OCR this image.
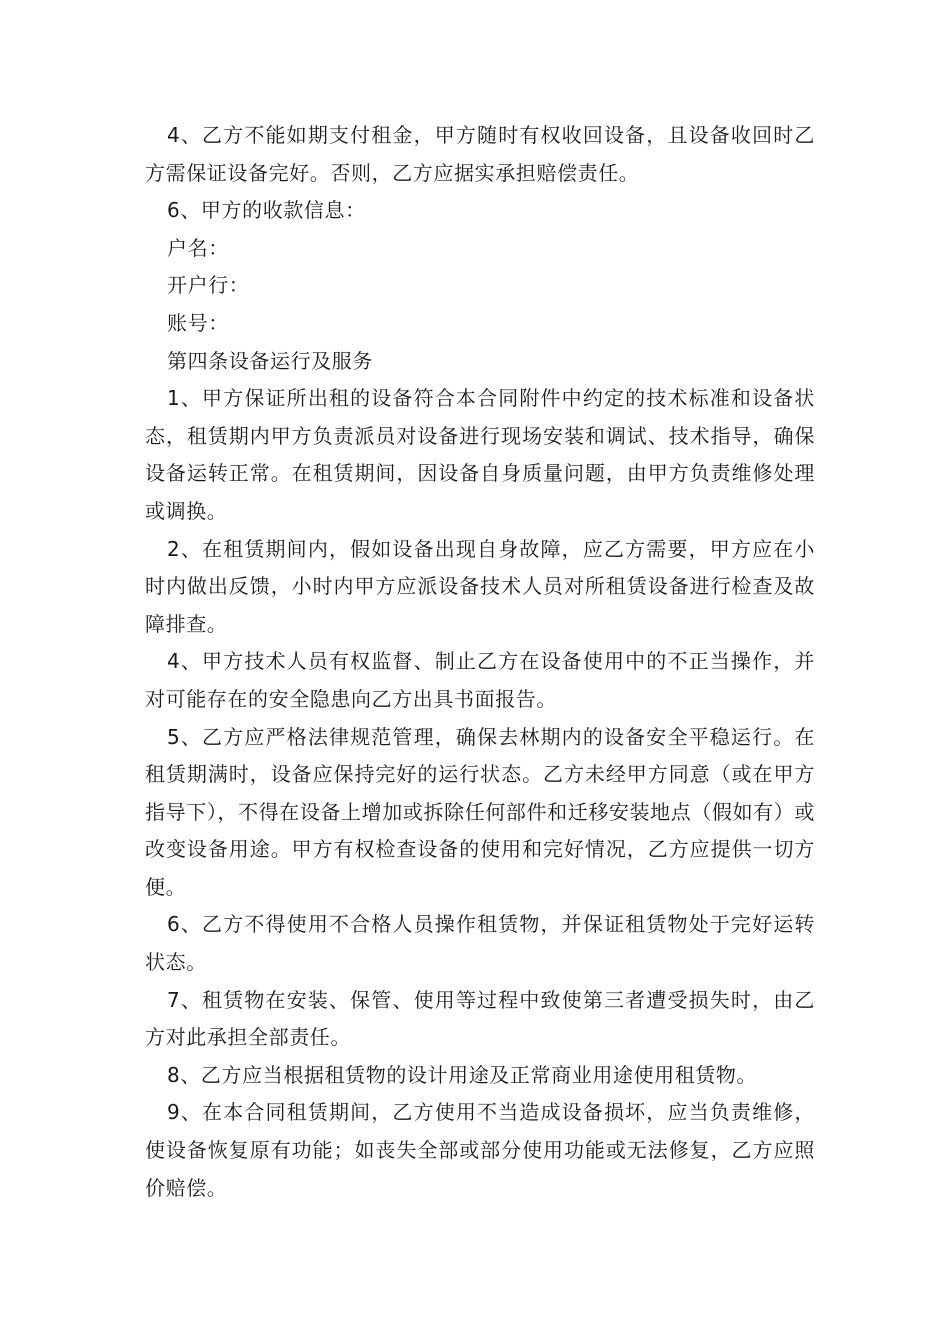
4、乙方不能如期支付租金，甲方随时有权收回设备，且设备收回时乙方需保证设备完好。否则，乙方应据实承担赔偿责任。

6、甲方的收款信息：

户名：

开户行：

账号：

第四条设备运行及服务

1、甲方保证所出租的设备符合本合同附件中约定的技术标准和设备状态，租赁期内甲方负责派员对设备进行现场安装和调试、技术指导，确保设备运转正常。在租赁期间，因设备自身质量问题，由甲方负责维修处理或调换。

2、在租赁期间内，假如设备出现自身故障，应乙方需要，甲方应在小时内做出反馈，小时内甲方应派设备技术人员对所租赁设备进行检查及故障排查。

4、甲方技术人员有权监督、制止乙方在设备使用中的不正当操作，并对可能存在的安全隐患向乙方出具书面报告。

5、乙方应严格法律规范管理，确保去林期内的设备安全平稳运行。在租赁期满时，设备应保持完好的运行状态。乙方未经甲方同意（或在甲方指导下），不得在设备上增加或拆除任何部件和迁移安装地点（假如有）或改变设备用途。甲方有权检查设备的使用和完好情况，乙方应提供一切方便。

6、乙方不得使用不合格人员操作租赁物，并保证租赁物处于完好运转状态。

7、租赁物在安装、保管、使用等过程中致使第三者遭受损失时，由乙方对此承担全部责任。

8、乙方应当根据租赁物的设计用途及正常商业用途使用租赁物。

9、在本合同租赁期间，乙方使用不当造成设备损坏，应当负责维修，使设备恢复原有功能；如丧失全部或部分使用功能或无法修复，乙方应照价赔偿。
